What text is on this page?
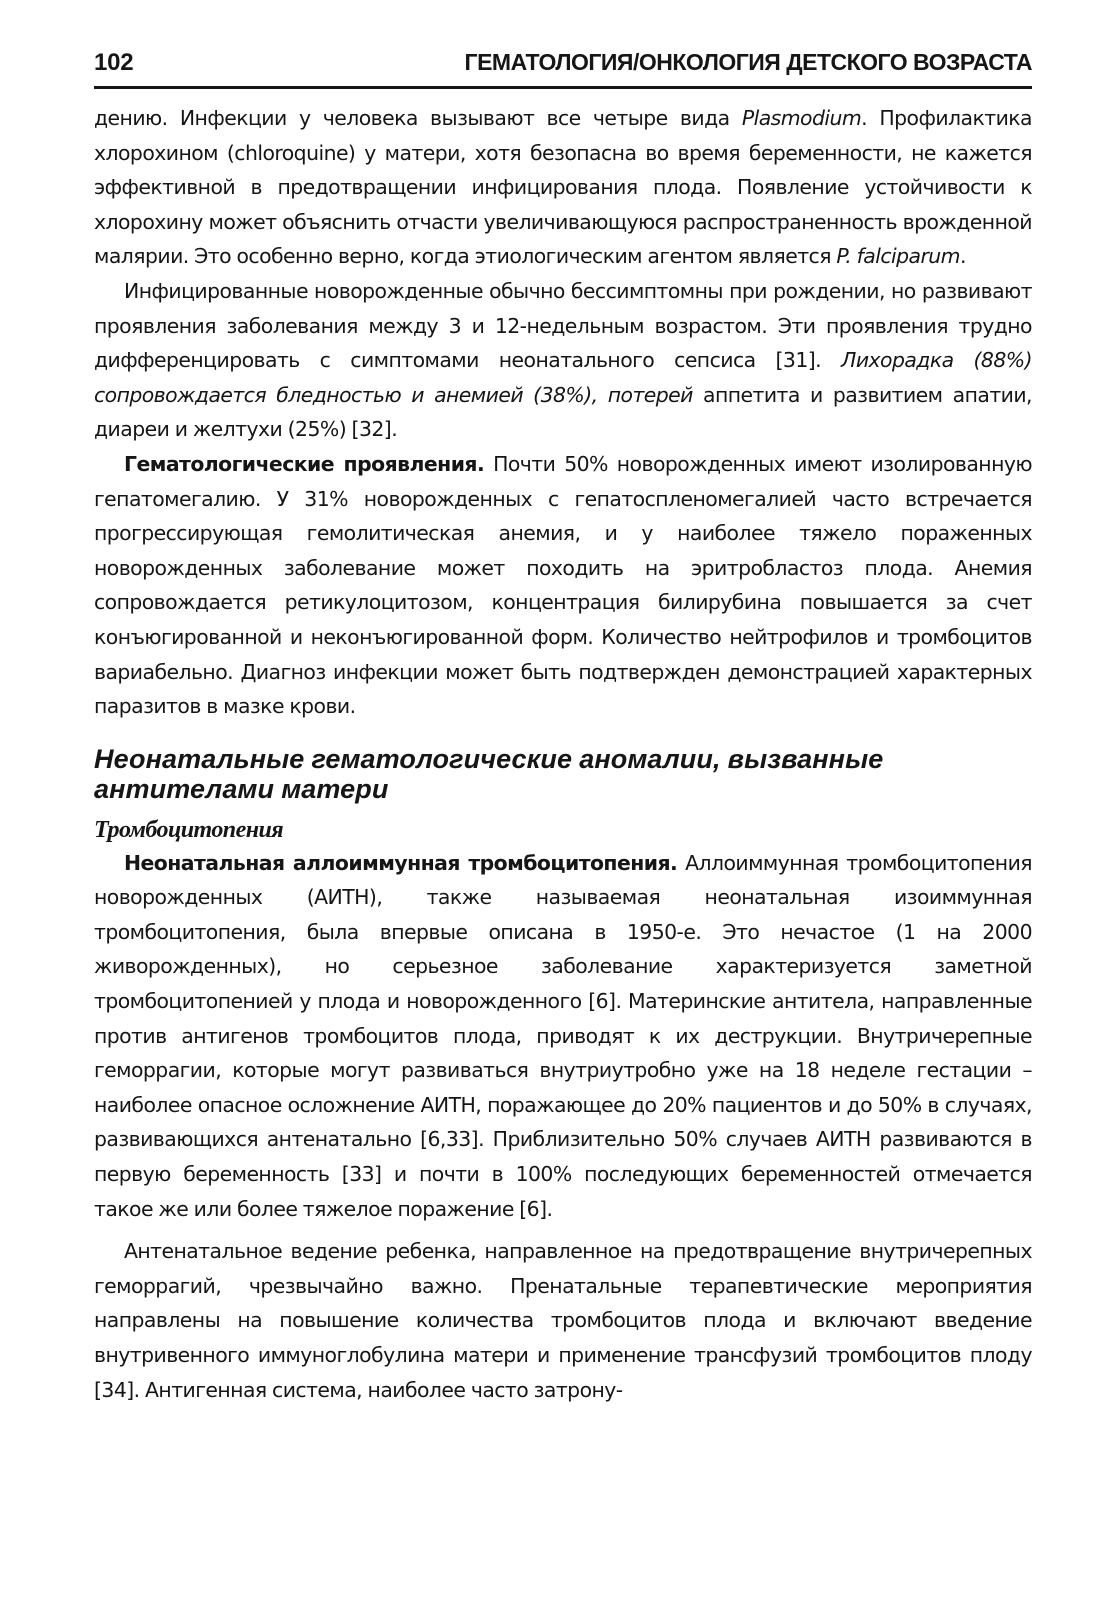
102	ГЕМАТОЛОГИЯ/ОНКОЛОГИЯ ДЕТСКОГО ВОЗРАСТА

дению. Инфекции у человека вызывают все четыре вида Plasmodium. Профилактика хлорохином (chloroquine) у матери, хотя безопасна во время беременности, не кажется эффективной в предотвращении инфицирования плода. Появление устойчивости к хлорохину может объяснить отчасти увеличивающуюся распространенность врожденной малярии. Это особенно верно, когда этиологическим агентом является P. falciparum.

Инфицированные новорожденные обычно бессимптомны при рождении, но развивают проявления заболевания между 3 и 12-недельным возрастом. Эти проявления трудно дифференцировать с симптомами неонатального сепсиса [31]. Лихорадка (88%) сопровождается бледностью и анемией (38%), потерей аппетита и развитием апатии, диареи и желтухи (25%) [32].

Гематологические проявления. Почти 50% новорожденных имеют изолированную гепатомегалию. У 31% новорожденных с гепатоспленомегалией часто встречается прогрессирующая гемолитическая анемия, и у наиболее тяжело пораженных новорожденных заболевание может походить на эритробластоз плода. Анемия сопровождается ретикулоцитозом, концентрация билирубина повышается за счет конъюгированной и неконъюгированной форм. Количество нейтрофилов и тромбоцитов вариабельно. Диагноз инфекции может быть подтвержден демонстрацией характерных паразитов в мазке крови.

Неонатальные гематологические аномалии, вызванные
антителами матери
Тромбоцитопения

Неонатальная аллоиммунная тромбоцитопения. Аллоиммунная тромбоцитопения новорожденных (АИТН), также называемая неонатальная изоиммунная тромбоцитопения, была впервые описана в 1950-е. Это нечастое (1 на 2000 живорожденных), но серьезное заболевание характеризуется заметной тромбоцитопенией у плода и новорожденного [6]. Материнские антитела, направленные против антигенов тромбоцитов плода, приводят к их деструкции. Внутричерепные геморрагии, которые могут развиваться внутриутробно уже на 18 неделе гестации – наиболее опасное осложнение АИТН, поражающее до 20% пациентов и до 50% в случаях, развивающихся антенатально [6,33]. Приблизительно 50% случаев АИТН развиваются в первую беременность [33] и почти в 100% последующих беременностей отмечается такое же или более тяжелое поражение [6].

Антенатальное ведение ребенка, направленное на предотвращение внутричерепных геморрагий, чрезвычайно важно. Пренатальные терапевтические мероприятия направлены на повышение количества тромбоцитов плода и включают введение внутривенного иммуноглобулина матери и применение трансфузий тромбоцитов плоду [34]. Антигенная система, наиболее часто затрону-
